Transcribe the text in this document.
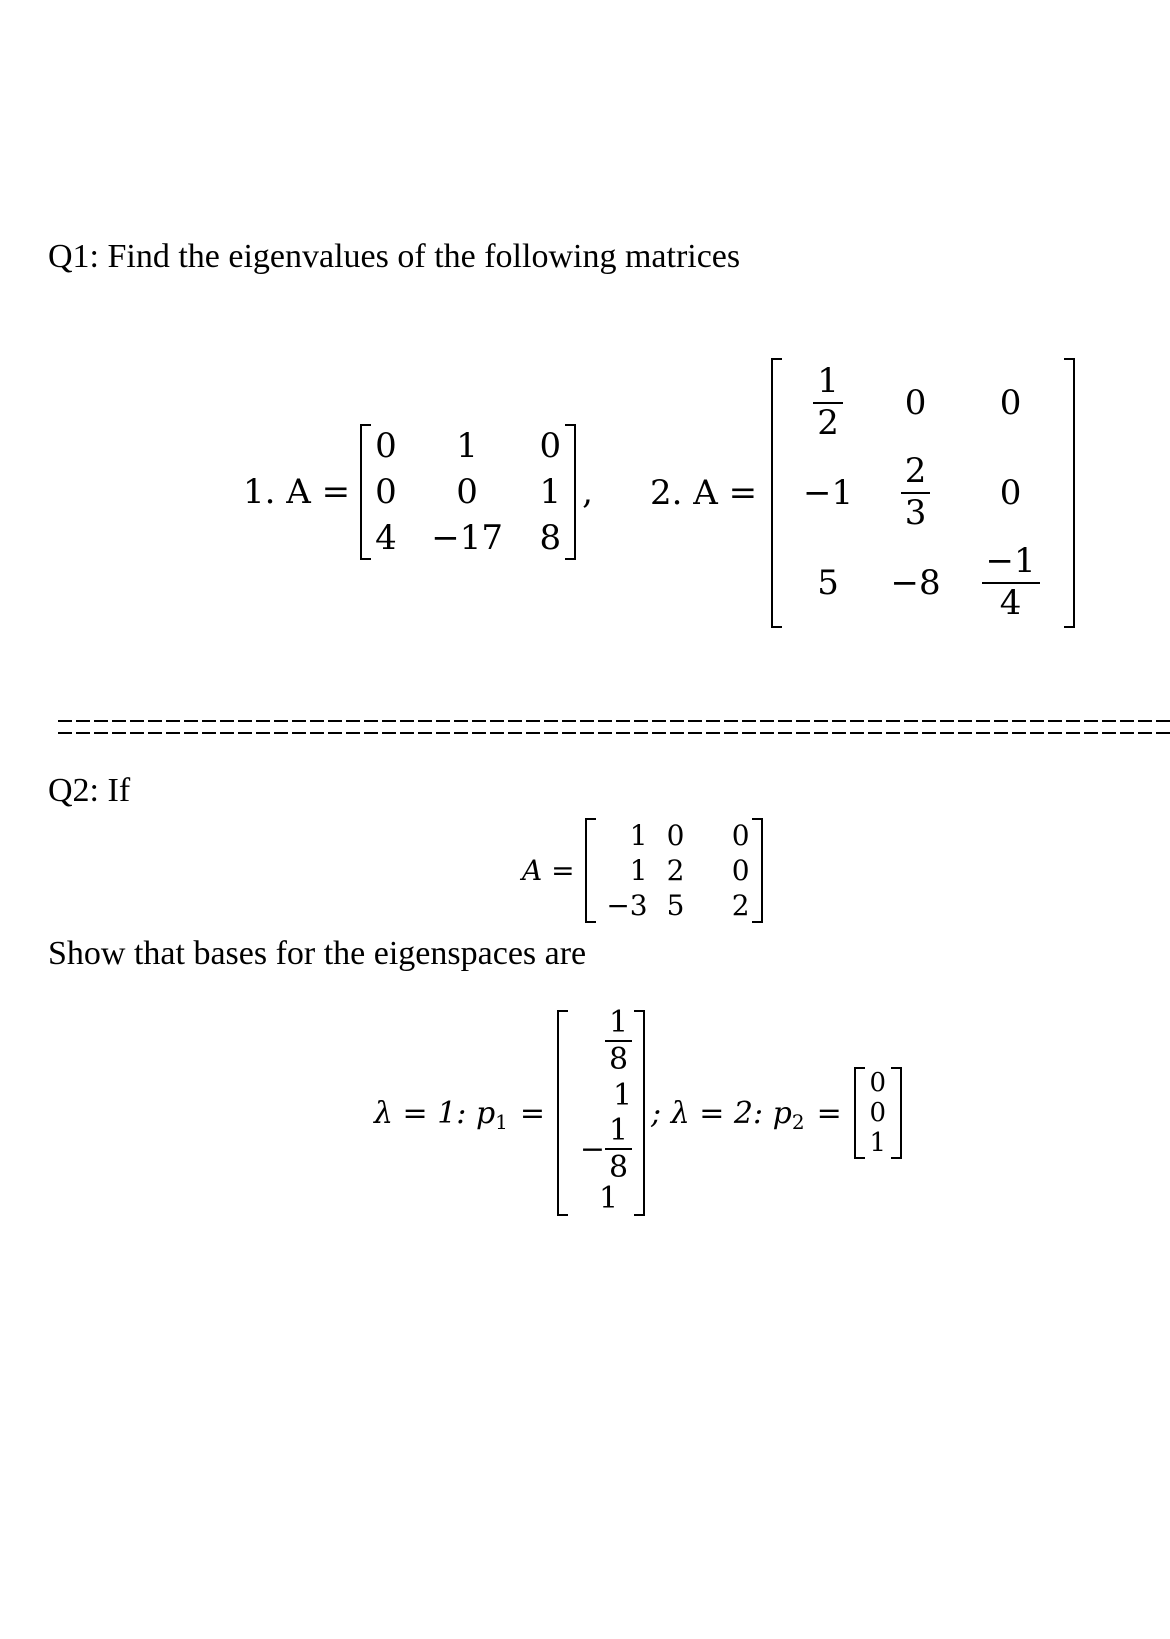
Q1: Find the eigenvalues of the following matrices
1. A =
0	1	0
0	0	1
4	−17	8
, 2. A =
$\frac{1}{2}$	0	0
−1	$\frac{2}{3}$	0
5	−8	$\frac{-1}{4}$
Q2: If
A =
1 0	0
1 2	0
−3 5	2
Show that bases for the eigenspaces are
λ = 1: $p_1$ =
$\frac{1}{8}$
1
− $\frac{1}{8}$
1
; λ = 2: $p_2$ =
0
0
1
